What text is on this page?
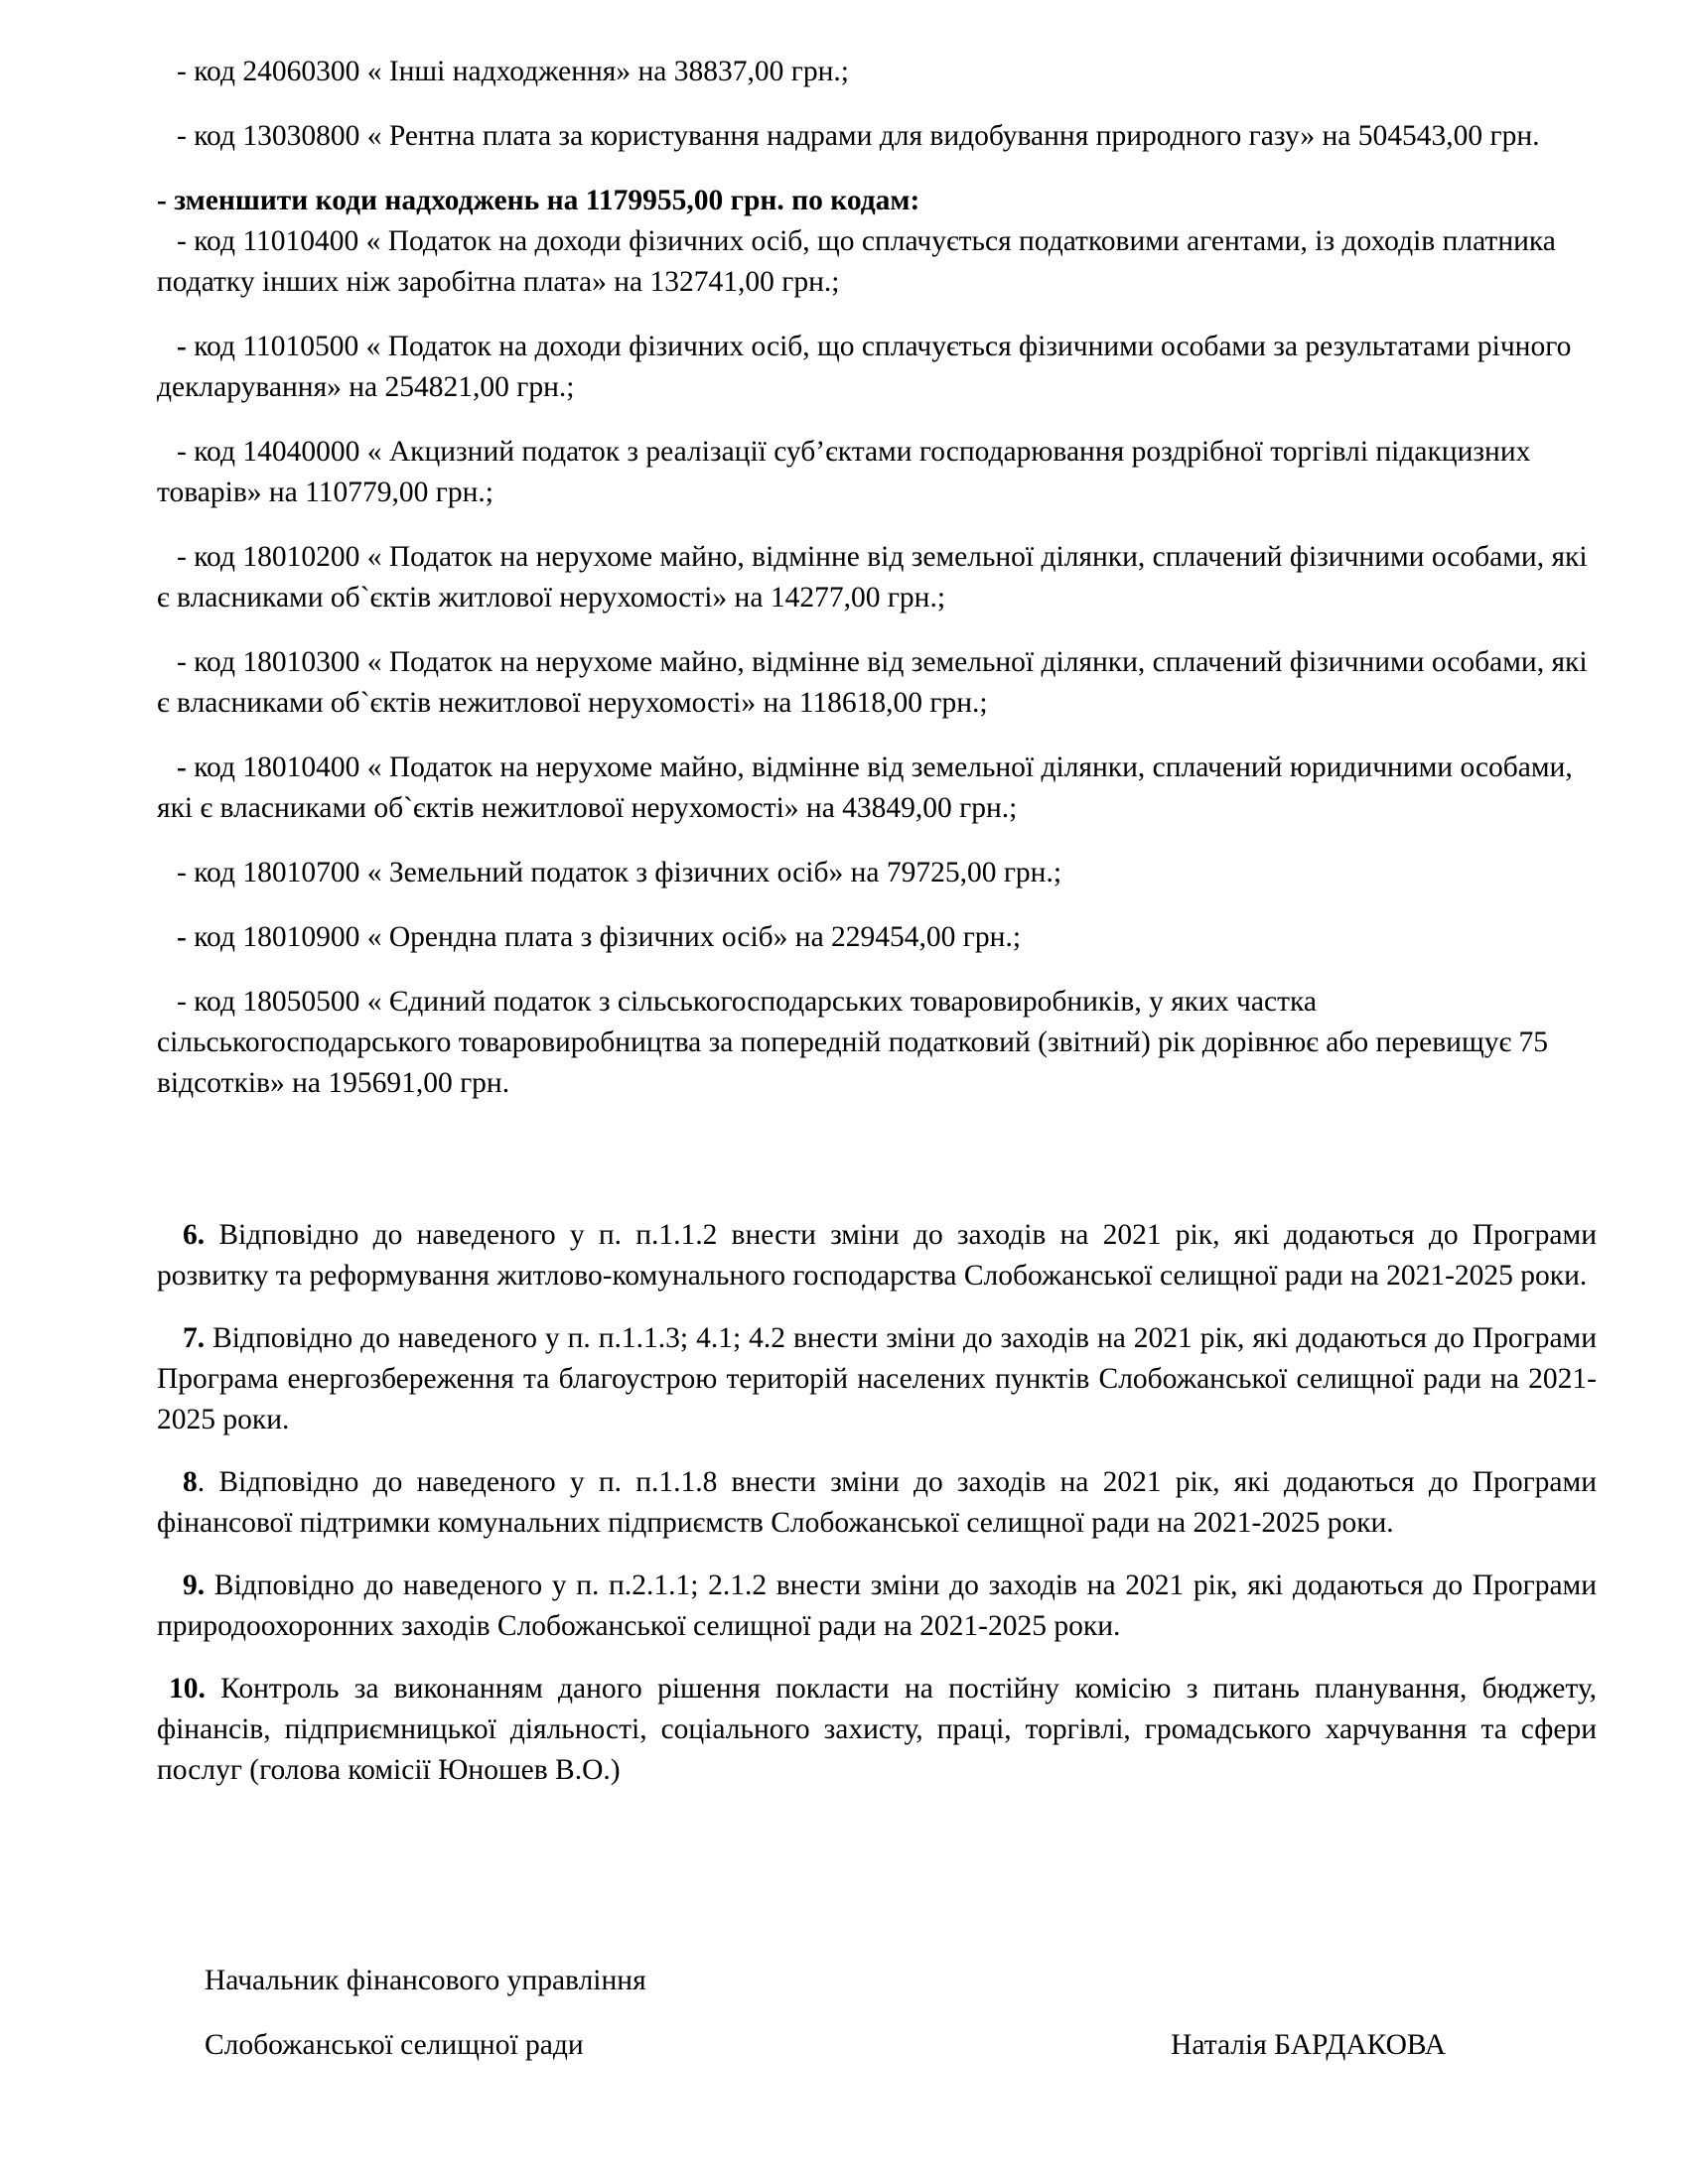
- код 24060300 « Інші надходження» на 38837,00 грн.;

- код 13030800 « Рентна плата за користування надрами для видобування природного газу» на 504543,00 грн.

- зменшити коди надходжень на 1179955,00 грн. по кодам:

- код 11010400 « Податок на доходи фізичних осіб, що сплачується податковими агентами, із доходів платника податку інших ніж заробітна плата» на 132741,00 грн.;

- код 11010500 « Податок на доходи фізичних осіб, що сплачується фізичними особами за результатами річного декларування» на 254821,00 грн.;

- код 14040000 « Акцизний податок з реалізації суб’єктами господарювання роздрібної торгівлі підакцизних товарів» на 110779,00 грн.;

- код 18010200 « Податок на нерухоме майно, відмінне від земельної ділянки, сплачений фізичними особами, які є власниками об`єктів житлової нерухомості» на 14277,00 грн.;

- код 18010300 « Податок на нерухоме майно, відмінне від земельної ділянки, сплачений фізичними особами, які є власниками об`єктів нежитлової нерухомості» на 118618,00 грн.;

- код 18010400 « Податок на нерухоме майно, відмінне від земельної ділянки, сплачений юридичними особами, які є власниками об`єктів нежитлової нерухомості» на 43849,00 грн.;

- код 18010700 « Земельний податок з фізичних осіб» на 79725,00 грн.;

- код 18010900 « Орендна плата з фізичних осіб» на 229454,00 грн.;

- код 18050500 « Єдиний податок з сільськогосподарських товаровиробників, у яких частка сільськогосподарського товаровиробництва за попередній податковий (звітний) рік дорівнює або перевищує 75 відсотків» на 195691,00 грн.

6. Відповідно до наведеного у п. п.1.1.2 внести зміни до заходів на 2021 рік, які додаються до Програми розвитку та реформування житлово-комунального господарства Слобожанської селищної ради на 2021-2025 роки.

7. Відповідно до наведеного у п. п.1.1.3; 4.1; 4.2 внести зміни до заходів на 2021 рік, які додаються до Програми Програма енергозбереження та благоустрою територій населених пунктів Слобожанської селищної ради на 2021-2025 роки.

8. Відповідно до наведеного у п. п.1.1.8 внести зміни до заходів на 2021 рік, які додаються до Програми фінансової підтримки комунальних підприємств Слобожанської селищної ради на 2021-2025 роки.

9. Відповідно до наведеного у п. п.2.1.1; 2.1.2 внести зміни до заходів на 2021 рік, які додаються до Програми природоохоронних заходів Слобожанської селищної ради на 2021-2025 роки.

10. Контроль за виконанням даного рішення покласти на постійну комісію з питань планування, бюджету, фінансів, підприємницької діяльності, соціального захисту, праці, торгівлі, громадського харчування та сфери послуг (голова комісії Юношев В.О.)

Начальник фінансового управління
Слобожанської селищної ради	Наталія БАРДАКОВА
